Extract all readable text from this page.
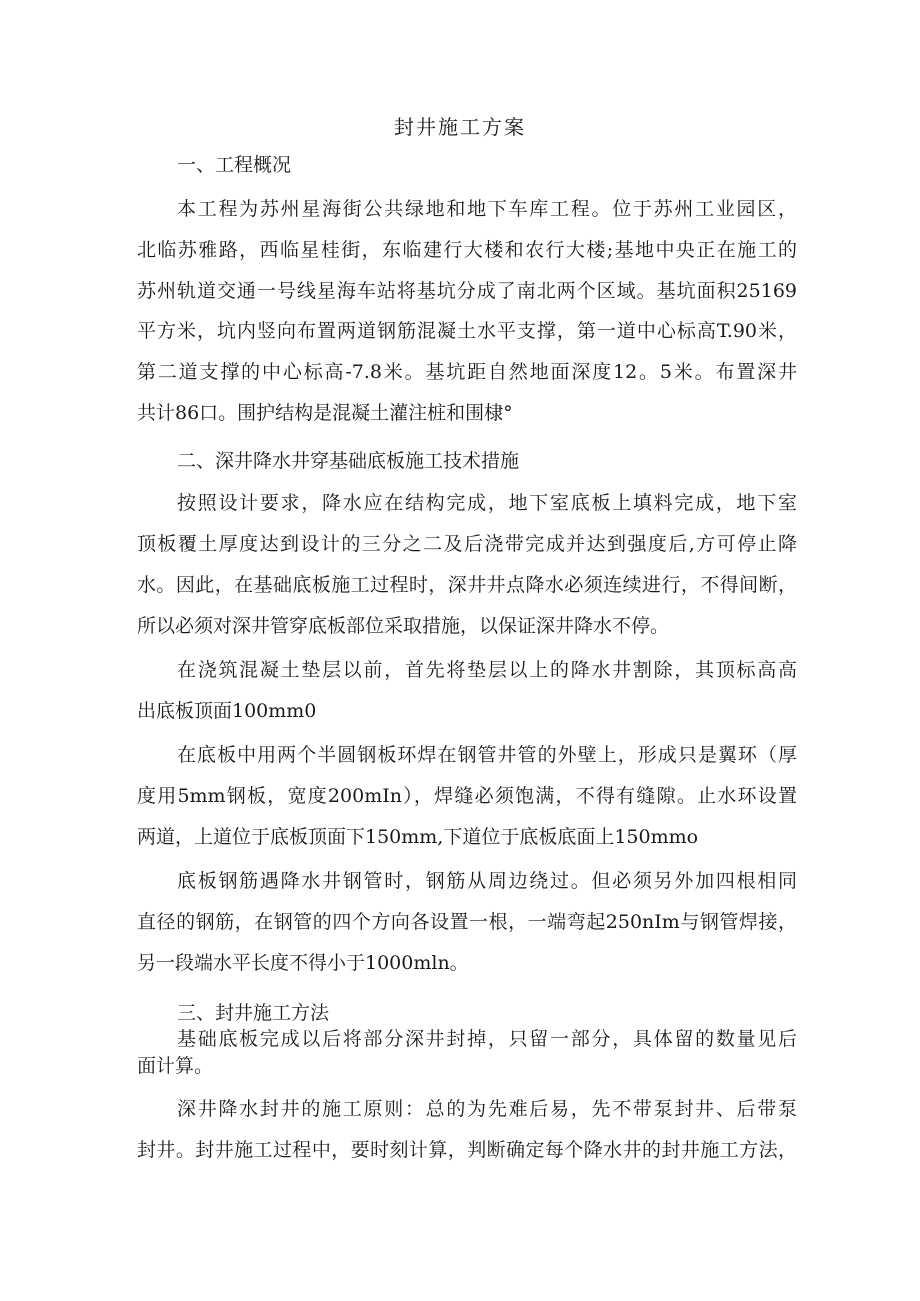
封井施工方案
一、工程概况
本工程为苏州星海街公共绿地和地下车库工程。位于苏州工业园区，
北临苏雅路，西临星桂街，东临建行大楼和农行大楼;基地中央正在施工的
苏州轨道交通一号线星海车站将基坑分成了南北两个区域。基坑面积25169
平方米，坑内竖向布置两道钢筋混凝土水平支撑，第一道中心标高T.90米，
第二道支撑的中心标高-7.8米。基坑距自然地面深度12。5米。布置深井
共计86口。围护结构是混凝土灌注桩和围棣°
二、深井降水井穿基础底板施工技术措施
按照设计要求，降水应在结构完成，地下室底板上填料完成，地下室
顶板覆土厚度达到设计的三分之二及后浇带完成并达到强度后,方可停止降
水。因此，在基础底板施工过程时，深井井点降水必须连续进行，不得间断，
所以必须对深井管穿底板部位采取措施，以保证深井降水不停。
在浇筑混凝土垫层以前，首先将垫层以上的降水井割除，其顶标高高
出底板顶面100mm0
在底板中用两个半圆钢板环焊在钢管井管的外壁上，形成只是翼环（厚
度用5mm钢板，宽度200mIn），焊缝必须饱满，不得有缝隙。止水环设置
两道，上道位于底板顶面下150mm,下道位于底板底面上150mmo
底板钢筋遇降水井钢管时，钢筋从周边绕过。但必须另外加四根相同
直径的钢筋，在钢管的四个方向各设置一根，一端弯起250nIm与钢管焊接，
另一段端水平长度不得小于1000mln。
三、封井施工方法
基础底板完成以后将部分深井封掉，只留一部分，具体留的数量见后
面计算。
深井降水封井的施工原则：总的为先难后易，先不带泵封井、后带泵
封井。封井施工过程中，要时刻计算，判断确定每个降水井的封井施工方法，
